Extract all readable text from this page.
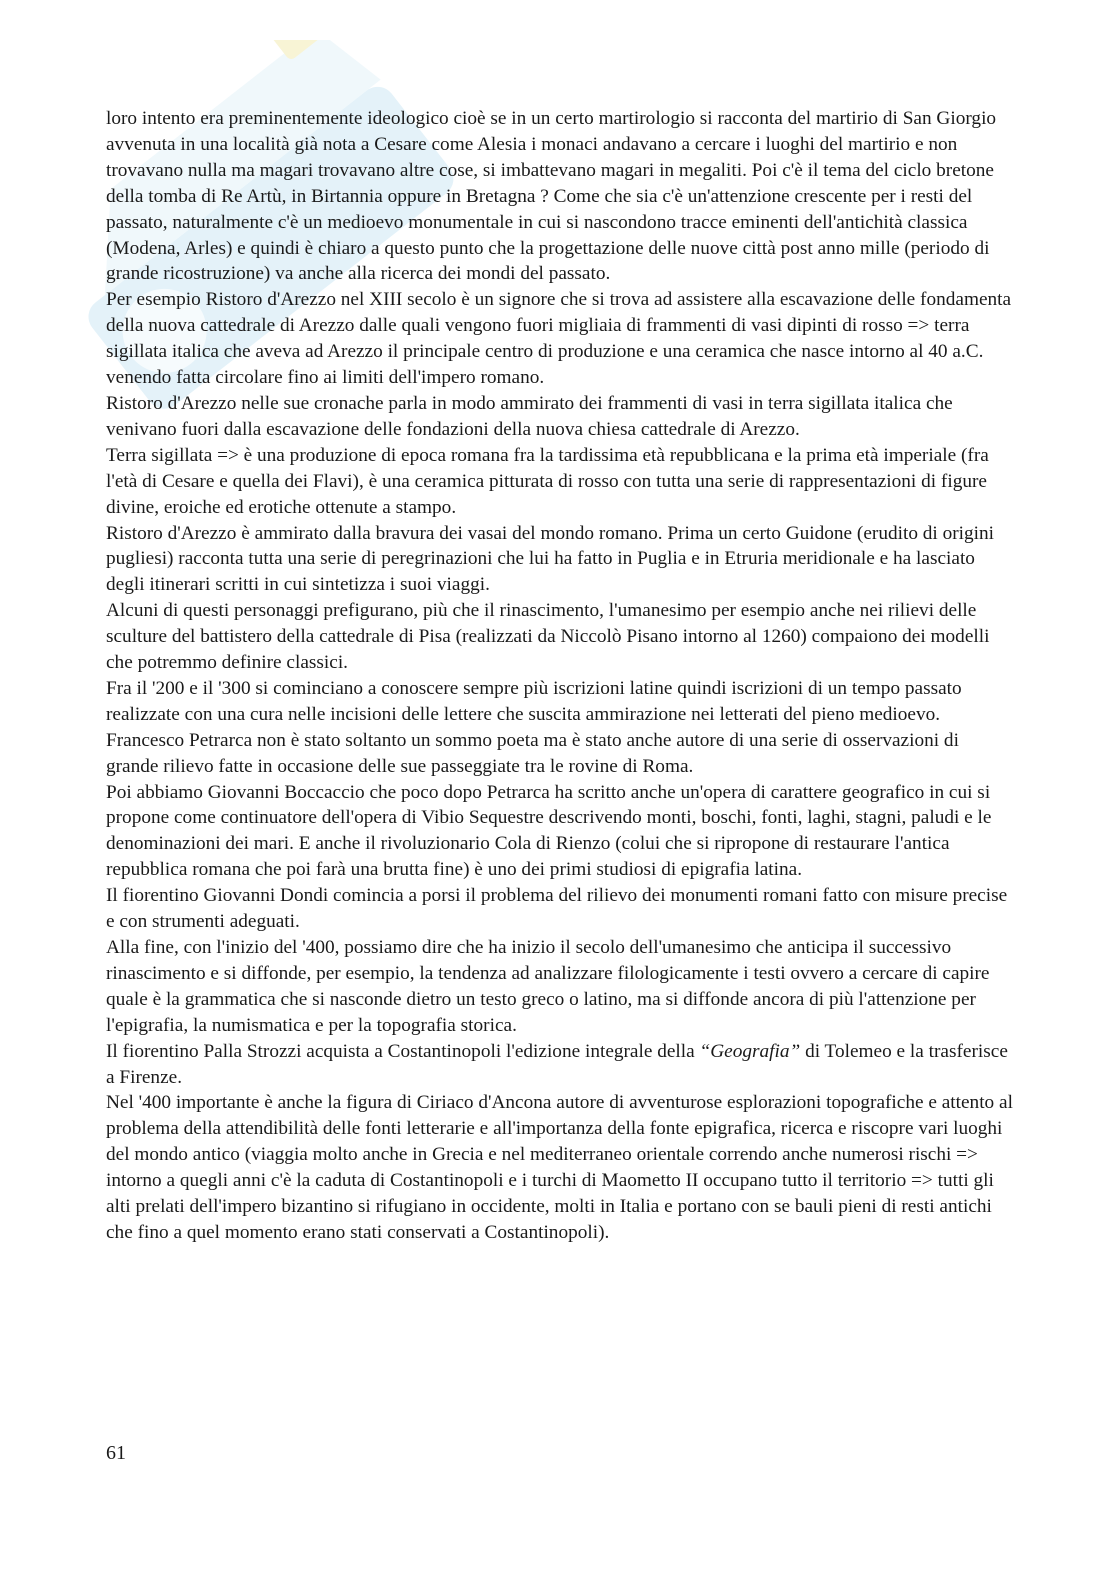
loro intento era preminentemente ideologico cioè se in un certo martirologio si racconta del martirio di San Giorgio avvenuta in una località già nota a Cesare come Alesia i monaci andavano a cercare i luoghi del martirio e non trovavano nulla ma magari trovavano altre cose, si imbattevano magari in megaliti. Poi c'è il tema del ciclo bretone della tomba di Re Artù, in Birtannia oppure in Bretagna ? Come che sia c'è un'attenzione crescente per i resti del passato, naturalmente c'è un medioevo monumentale in cui si nascondono tracce eminenti dell'antichità classica (Modena, Arles) e quindi è chiaro a questo punto che la progettazione delle nuove città post anno mille (periodo di grande ricostruzione) va anche alla ricerca dei mondi del passato.

Per esempio Ristoro d'Arezzo nel XIII secolo è un signore che si trova ad assistere alla escavazione delle fondamenta della nuova cattedrale di Arezzo dalle quali vengono fuori migliaia di frammenti di vasi dipinti di rosso => terra sigillata italica che aveva ad Arezzo il principale centro di produzione e una ceramica che nasce intorno al 40 a.C. venendo fatta circolare fino ai limiti dell'impero romano.

Ristoro d'Arezzo nelle sue cronache parla in modo ammirato dei frammenti di vasi in terra sigillata italica che venivano fuori dalla escavazione delle fondazioni della nuova chiesa cattedrale di Arezzo.

Terra sigillata => è una produzione di epoca romana fra la tardissima età repubblicana e la prima età imperiale (fra l'età di Cesare e quella dei Flavi), è una ceramica pitturata di rosso con tutta una serie di rappresentazioni di figure divine, eroiche ed erotiche ottenute a stampo.

Ristoro d'Arezzo è ammirato dalla bravura dei vasai del mondo romano. Prima un certo Guidone (erudito di origini pugliesi) racconta tutta una serie di peregrinazioni che lui ha fatto in Puglia e in Etruria meridionale e ha lasciato degli itinerari scritti in cui sintetizza i suoi viaggi.

Alcuni di questi personaggi prefigurano, più che il rinascimento, l'umanesimo per esempio anche nei rilievi delle sculture del battistero della cattedrale di Pisa (realizzati da Niccolò Pisano intorno al 1260) compaiono dei modelli che potremmo definire classici.

Fra il '200 e il '300 si cominciano a conoscere sempre più iscrizioni latine quindi iscrizioni di un tempo passato realizzate con una cura nelle incisioni delle lettere che suscita ammirazione nei letterati del pieno medioevo.

Francesco Petrarca non è stato soltanto un sommo poeta ma è stato anche autore di una serie di osservazioni di grande rilievo fatte in occasione delle sue passeggiate tra le rovine di Roma.

Poi abbiamo Giovanni Boccaccio che poco dopo Petrarca ha scritto anche un'opera di carattere geografico in cui si propone come continuatore dell'opera di Vibio Sequestre descrivendo monti, boschi, fonti, laghi, stagni, paludi e le denominazioni dei mari. E anche il rivoluzionario Cola di Rienzo (colui che si ripropone di restaurare l'antica repubblica romana che poi farà una brutta fine) è uno dei primi studiosi di epigrafia latina.

Il fiorentino Giovanni Dondi comincia a porsi il problema del rilievo dei monumenti romani fatto con misure precise e con strumenti adeguati.

Alla fine, con l'inizio del '400, possiamo dire che ha inizio il secolo dell'umanesimo che anticipa il successivo rinascimento e si diffonde, per esempio, la tendenza ad analizzare filologicamente i testi ovvero a cercare di capire quale è la grammatica che si nasconde dietro un testo greco o latino, ma si diffonde ancora di più l'attenzione per l'epigrafia, la numismatica e per la topografia storica.

Il fiorentino Palla Strozzi acquista a Costantinopoli l'edizione integrale della “Geografia” di Tolemeo e la trasferisce a Firenze.

Nel '400 importante è anche la figura di Ciriaco d'Ancona autore di avventurose esplorazioni topografiche e attento al problema della attendibilità delle fonti letterarie e all'importanza della fonte epigrafica, ricerca e riscopre vari luoghi del mondo antico (viaggia molto anche in Grecia e nel mediterraneo orientale correndo anche numerosi rischi => intorno a quegli anni c'è la caduta di Costantinopoli e i turchi di Maometto II occupano tutto il territorio => tutti gli alti prelati dell'impero bizantino si rifugiano in occidente, molti in Italia e portano con se bauli pieni di resti antichi che fino a quel momento erano stati conservati a Costantinopoli).

61
